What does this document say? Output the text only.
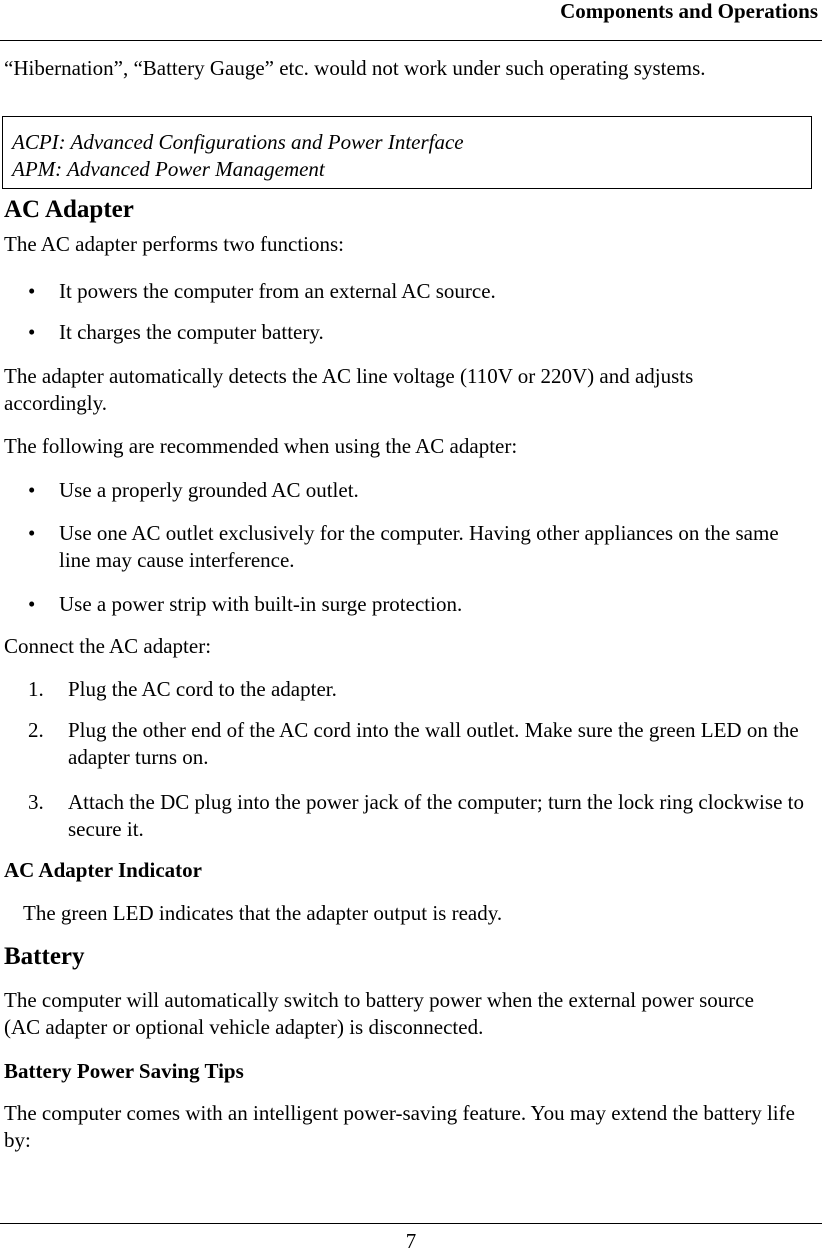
Components and Operations

“Hibernation”, “Battery Gauge” etc. would not work under such operating systems.

ACPI: Advanced Configurations and Power Interface
APM: Advanced Power Management
AC Adapter

The AC adapter performs two functions:

•	It powers the computer from an external AC source.
•	It charges the computer battery.

The adapter automatically detects the AC line voltage (110V or 220V) and adjusts accordingly.

The following are recommended when using the AC adapter:

•	Use a properly grounded AC outlet.
•	Use one AC outlet exclusively for the computer. Having other appliances on the same line may cause interference.
•	Use a power strip with built-in surge protection.

Connect the AC adapter:

1. Plug the AC cord to the adapter.
2. Plug the other end of the AC cord into the wall outlet. Make sure the green LED on the adapter turns on.
3. Attach the DC plug into the power jack of the computer; turn the lock ring clockwise to secure it.
AC Adapter Indicator

The green LED indicates that the adapter output is ready.

Battery

The computer will automatically switch to battery power when the external power source (AC adapter or optional vehicle adapter) is disconnected.

Battery Power Saving Tips

The computer comes with an intelligent power-saving feature. You may extend the battery life by:

7
